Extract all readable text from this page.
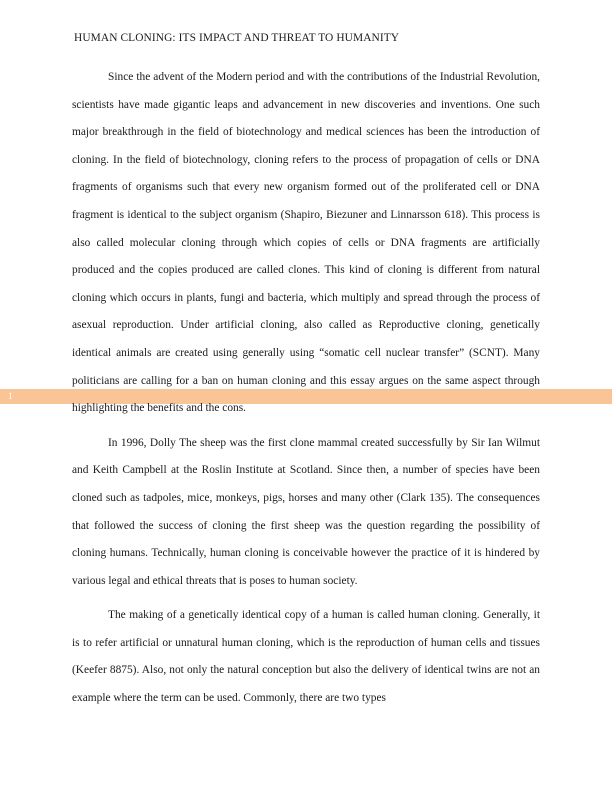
HUMAN CLONING: ITS IMPACT AND THREAT TO HUMANITY
1

Since the advent of the Modern period and with the contributions of the Industrial Revolution, scientists have made gigantic leaps and advancement in new discoveries and inventions. One such major breakthrough in the field of biotechnology and medical sciences has been the introduction of cloning. In the field of biotechnology, cloning refers to the process of propagation of cells or DNA fragments of organisms such that every new organism formed out of the proliferated cell or DNA fragment is identical to the subject organism (Shapiro, Biezuner and Linnarsson 618). This process is also called molecular cloning through which copies of cells or DNA fragments are artificially produced and the copies produced are called clones. This kind of cloning is different from natural cloning which occurs in plants, fungi and bacteria, which multiply and spread through the process of asexual reproduction. Under artificial cloning, also called as Reproductive cloning, genetically identical animals are created using generally using “somatic cell nuclear transfer” (SCNT). Many politicians are calling for a ban on human cloning and this essay argues on the same aspect through highlighting the benefits and the cons.

In 1996, Dolly The sheep was the first clone mammal created successfully by Sir Ian Wilmut and Keith Campbell at the Roslin Institute at Scotland. Since then, a number of species have been cloned such as tadpoles, mice, monkeys, pigs, horses and many other (Clark 135). The consequences that followed the success of cloning the first sheep was the question regarding the possibility of cloning humans. Technically, human cloning is conceivable however the practice of it is hindered by various legal and ethical threats that is poses to human society.

The making of a genetically identical copy of a human is called human cloning. Generally, it is to refer artificial or unnatural human cloning, which is the reproduction of human cells and tissues (Keefer 8875). Also, not only the natural conception but also the delivery of identical twins are not an example where the term can be used. Commonly, there are two types
